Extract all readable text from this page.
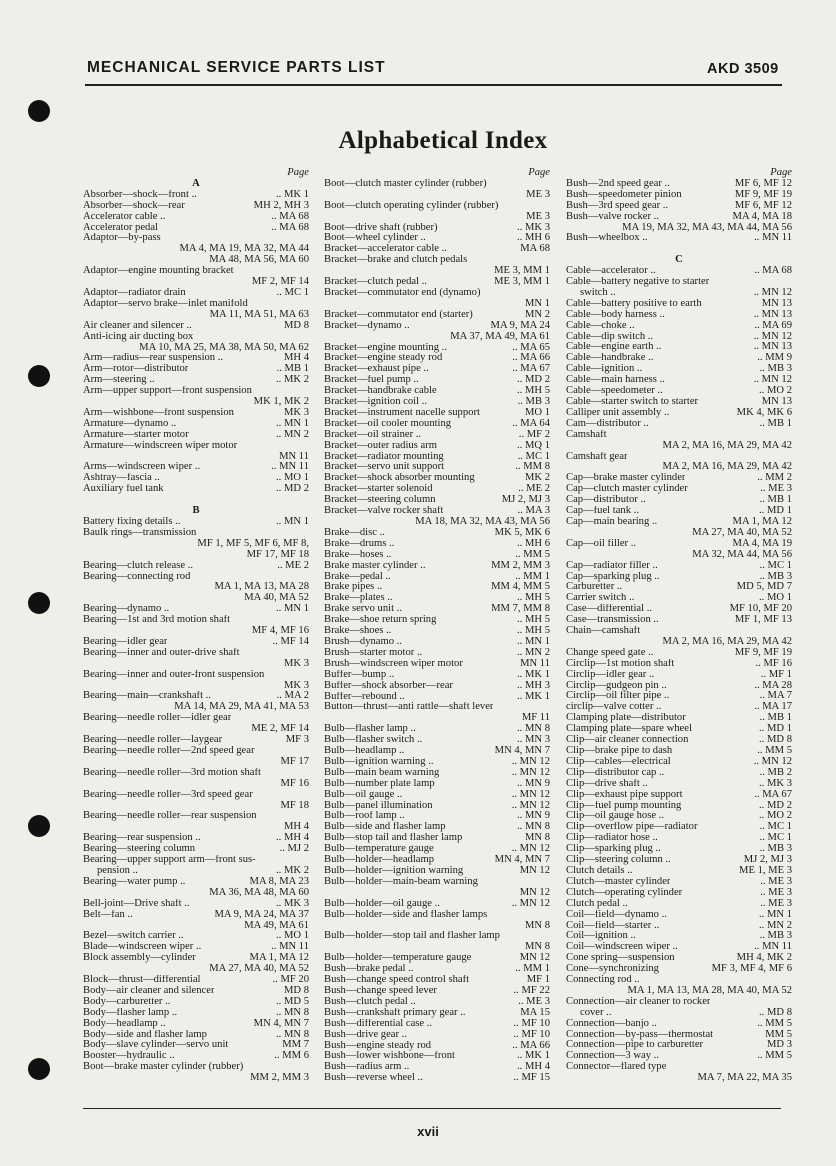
MECHANICAL SERVICE PARTS LIST	AKD 3509
Alphabetical Index
Page
A
Absorber—shock—front ..	.. MK 1
Absorber—shock—rear	MH 2, MH 3
Accelerator cable ..	.. MA 68
Accelerator pedal	.. MA 68
Adaptor—by-pass
MA 4, MA 19, MA 32, MA 44
MA 48, MA 56, MA 60
Adaptor—engine mounting bracket
MF 2, MF 14
Adaptor—radiator drain	.. MC 1
Adaptor—servo brake—inlet manifold
MA 11, MA 51, MA 63
Air cleaner and silencer ..	MD 8
Anti-icing air ducting box
MA 10, MA 25, MA 38, MA 50, MA 62
Arm—radius—rear suspension ..	MH 4
Arm—rotor—distributor	.. MB 1
Arm—steering ..	.. MK 2
Arm—upper support—front suspension
MK 1, MK 2
Arm—wishbone—front suspension	MK 3
Armature—dynamo ..	.. MN 1
Armature—starter motor	.. MN 2
Armature—windscreen wiper motor
MN 11
Arms—windscreen wiper ..	.. MN 11
Ashtray—fascia ..	.. MO 1
Auxiliary fuel tank	.. MD 2
B
Battery fixing details ..	.. MN 1
Baulk rings—transmission
MF 1, MF 5, MF 6, MF 8,
MF 17, MF 18
Bearing—clutch release ..	.. ME 2
Bearing—connecting rod
MA 1, MA 13, MA 28
MA 40, MA 52
Bearing—dynamo ..	.. MN 1
Bearing—1st and 3rd motion shaft
MF 4, MF 16
Bearing—idler gear	.. MF 14
Bearing—inner and outer-drive shaft
MK 3
Bearing—inner and outer-front suspension
MK 3
Bearing—main—crankshaft ..	.. MA 2
MA 14, MA 29, MA 41, MA 53
Bearing—needle roller—idler gear
ME 2, MF 14
Bearing—needle roller—laygear	MF 3
Bearing—needle roller—2nd speed gear
MF 17
Bearing—needle roller—3rd motion shaft
MF 16
Bearing—needle roller—3rd speed gear
MF 18
Bearing—needle roller—rear suspension
MH 4
Bearing—rear suspension ..	.. MH 4
Bearing—steering column	.. MJ 2
Bearing—upper support arm—front sus-
pension ..	.. MK 2
Bearing—water pump ..	MA 8, MA 23
MA 36, MA 48, MA 60
Bell-joint—Drive shaft ..	.. MK 3
Belt—fan ..	MA 9, MA 24, MA 37
MA 49, MA 61
Bezel—switch carrier ..	.. MO 1
Blade—windscreen wiper ..	.. MN 11
Block assembly—cylinder	MA 1, MA 12
MA 27, MA 40, MA 52
Block—thrust—differential	.. MF 20
Body—air cleaner and silencer	MD 8
Body—carburetter ..	.. MD 5
Body—flasher lamp ..	.. MN 8
Body—headlamp ..	MN 4, MN 7
Body—side and flasher lamp	.. MN 8
Body—slave cylinder—servo unit	MM 7
Booster—hydraulic ..	.. MM 6
Boot—brake master cylinder (rubber)
MM 2, MM 3
Page
Boot—clutch master cylinder (rubber)
ME 3
Boot—clutch operating cylinder (rubber)
ME 3
Boot—drive shaft (rubber)	.. MK 3
Boot—wheel cylinder ..	.. MH 6
Bracket—accelerator cable ..	MA 68
Bracket—brake and clutch pedals
ME 3, MM 1
Bracket—clutch pedal ..	ME 3, MM 1
Bracket—commutator end (dynamo)
MN 1
Bracket—commutator end (starter)	MN 2
Bracket—dynamo ..	MA 9, MA 24
MA 37, MA 49, MA 61
Bracket—engine mounting ..	.. MA 65
Bracket—engine steady rod	.. MA 66
Bracket—exhaust pipe ..	.. MA 67
Bracket—fuel pump ..	.. MD 2
Bracket—handbrake cable	.. MH 5
Bracket—ignition coil ..	.. MB 3
Bracket—instrument nacelle support	MO 1
Bracket—oil cooler mounting	.. MA 64
Bracket—oil strainer ..	.. MF 2
Bracket—outer radius arm	.. MQ 1
Bracket—radiator mounting	.. MC 1
Bracket—servo unit support	.. MM 8
Bracket—shock absorber mounting	MK 2
Bracket—starter solenoid	.. ME 2
Bracket—steering column	MJ 2, MJ 3
Bracket—valve rocker shaft	.. MA 3
MA 18, MA 32, MA 43, MA 56
Brake—disc ..	MK 5, MK 6
Brake—drums ..	.. MH 6
Brake—hoses ..	.. MM 5
Brake master cylinder ..	MM 2, MM 3
Brake—pedal ..	.. MM 1
Brake pipes ..	MM 4, MM 5
Brake—plates ..	.. MH 5
Brake servo unit ..	MM 7, MM 8
Brake—shoe return spring	.. MH 5
Brake—shoes ..	.. MH 5
Brush—dynamo ..	.. MN 1
Brush—starter motor ..	.. MN 2
Brush—windscreen wiper motor	MN 11
Buffer—bump ..	.. MK 1
Buffer—shock absorber—rear	.. MH 3
Buffer—rebound ..	.. MK 1
Button—thrust—anti rattle—shaft lever
MF 11
Bulb—flasher lamp ..	.. MN 8
Bulb—flasher switch ..	.. MN 3
Bulb—headlamp ..	MN 4, MN 7
Bulb—ignition warning ..	.. MN 12
Bulb—main beam warning	.. MN 12
Bulb—number plate lamp	.. MN 9
Bulb—oil gauge ..	.. MN 12
Bulb—panel illumination	.. MN 12
Bulb—roof lamp ..	.. MN 9
Bulb—side and flasher lamp	.. MN 8
Bulb—stop tail and flasher lamp	MN 8
Bulb—temperature gauge	.. MN 12
Bulb—holder—headlamp	MN 4, MN 7
Bulb—holder—ignition warning	MN 12
Bulb—holder—main-beam warning
MN 12
Bulb—holder—oil gauge ..	.. MN 12
Bulb—holder—side and flasher lamps
MN 8
Bulb—holder—stop tail and flasher lamp
MN 8
Bulb—holder—temperature gauge	MN 12
Bush—brake pedal ..	.. MM 1
Bush—change speed control shaft	MF 1
Bush—change speed lever	.. MF 22
Bush—clutch pedal ..	.. ME 3
Bush—crankshaft primary gear ..	MA 15
Bush—differential case ..	.. MF 10
Bush—drive gear ..	.. MF 10
Bush—engine steady rod	.. MA 66
Bush—lower wishbone—front	.. MK 1
Bush—radius arm ..	.. MH 4
Bush—reverse wheel ..	.. MF 15
Page
Bush—2nd speed gear ..	MF 6, MF 12
Bush—speedometer pinion	MF 9, MF 19
Bush—3rd speed gear ..	MF 6, MF 12
Bush—valve rocker ..	MA 4, MA 18
MA 19, MA 32, MA 43, MA 44, MA 56
Bush—wheelbox ..	.. MN 11
C
Cable—accelerator ..	.. MA 68
Cable—battery negative to starter
switch ..	.. MN 12
Cable—battery positive to earth	MN 13
Cable—body harness ..	.. MN 13
Cable—choke ..	.. MA 69
Cable—dip switch ..	.. MN 12
Cable—engine earth ..	.. MN 13
Cable—handbrake ..	.. MM 9
Cable—ignition ..	.. MB 3
Cable—main harness ..	.. MN 12
Cable—speedometer ..	.. MO 2
Cable—starter switch to starter	MN 13
Calliper unit assembly ..	MK 4, MK 6
Cam—distributor ..	.. MB 1
Camshaft
MA 2, MA 16, MA 29, MA 42
Camshaft gear
MA 2, MA 16, MA 29, MA 42
Cap—brake master cylinder	.. MM 2
Cap—clutch master cylinder	.. ME 3
Cap—distributor ..	.. MB 1
Cap—fuel tank ..	.. MD 1
Cap—main bearing ..	MA 1, MA 12
MA 27, MA 40, MA 52
Cap—oil filler ..	MA 4, MA 19
MA 32, MA 44, MA 56
Cap—radiator filler ..	.. MC 1
Cap—sparking plug ..	.. MB 3
Carburetter ..	MD 5, MD 7
Carrier switch ..	.. MO 1
Case—differential ..	MF 10, MF 20
Case—transmission ..	MF 1, MF 13
Chain—camshaft
MA 2, MA 16, MA 29, MA 42
Change speed gate ..	MF 9, MF 19
Circlip—1st motion shaft	.. MF 16
Circlip—idler gear ..	.. MF 1
Circlip—gudgeon pin ..	.. MA 28
Circlip—oil filter pipe ..	.. MA 7
circlip—valve cotter ..	.. MA 17
Clamping plate—distributor	.. MB 1
Clamping plate—spare wheel	.. MD 1
Clip—air cleaner connection	.. MD 8
Clip—brake pipe to dash	.. MM 5
Clip—cables—electrical	.. MN 12
Clip—distributor cap ..	.. MB 2
Clip—drive shaft ..	.. MK 3
Clip—exhaust pipe support	.. MA 67
Clip—fuel pump mounting	.. MD 2
Clip—oil gauge hose ..	.. MO 2
Clip—overflow pipe—radiator	.. MC 1
Clip—radiator hose ..	.. MC 1
Clip—sparking plug ..	.. MB 3
Clip—steering column ..	MJ 2, MJ 3
Clutch details ..	ME 1, ME 3
Clutch—master cylinder	.. ME 3
Clutch—operating cylinder	.. ME 3
Clutch pedal ..	.. ME 3
Coil—field—dynamo ..	.. MN 1
Coil—field—starter ..	.. MN 2
Coil—ignition ..	.. MB 3
Coil—windscreen wiper ..	.. MN 11
Cone spring—suspension	MH 4, MK 2
Cone—synchronizing	MF 3, MF 4, MF 6
Connecting rod ..
MA 1, MA 13, MA 28, MA 40, MA 52
Connection—air cleaner to rocker
cover ..	.. MD 8
Connection—banjo ..	.. MM 5
Connection—by-pass—thermostat	MM 5
Connection—pipe to carburetter	MD 3
Connection—3 way ..	.. MM 5
Connector—flared type
MA 7, MA 22, MA 35
xvii
